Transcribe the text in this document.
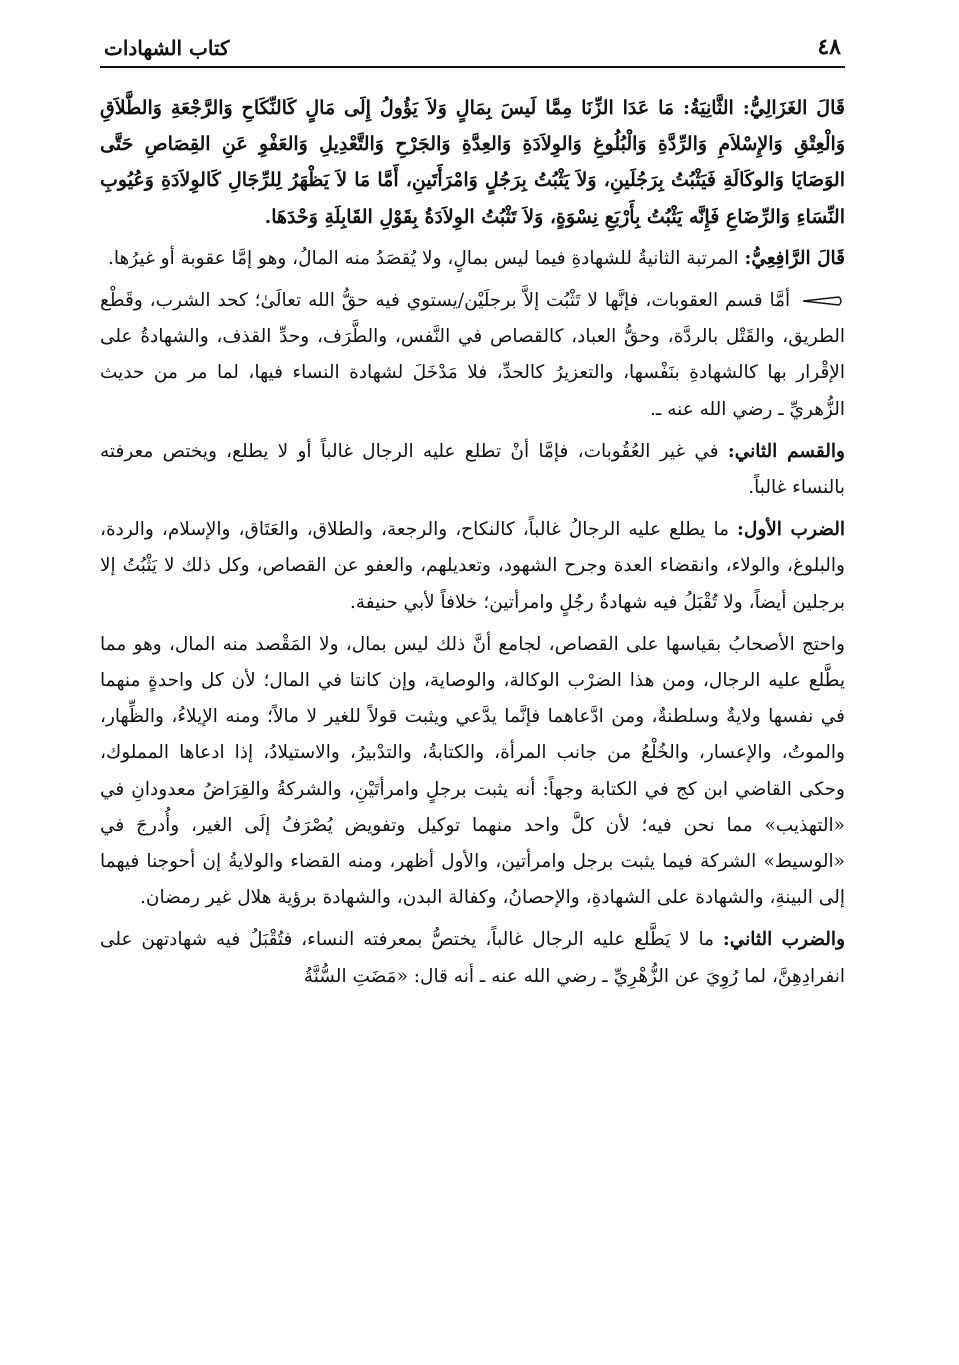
٤٨
كتاب الشهادات

قَالَ الغَزَالِيُّ: الثَّانِيَةُ: مَا عَدَا الزِّنَا مِمَّا لَيسَ بِمَالٍ وَلاَ يَؤُولُ إِلَى مَالٍ كَالنِّكَاحِ وَالرَّجْعَةِ وَالطَّلاَقِ وَالْعِتْقِ وَالإِسْلاَمِ وَالرِّدَّةِ وَالْبُلُوغِ وَالوِلاَدَةِ وَالعِدَّةِ وَالجَرْحِ وَالتَّعْدِيلِ وَالعَفْوِ عَنِ القِصَاصِ حَتَّى الوَصَايَا وَالوكَالَةِ فَيَثْبُتُ بِرَجُلَينِ، وَلاَ يَثْبُتُ بِرَجُلٍ وَامْرَأَتَينِ، أَمَّا مَا لاَ يَظْهَرُ لِلرِّجَالِ كَالوِلاَدَةِ وَعُيُوبِ النِّسَاءِ وَالرِّضَاعِ فَإِنَّه يَثْبُتُ بِأَرْبَعِ نِسْوَةٍ، وَلاَ تَثْبُتُ الوِلاَدَةُ بِقَوْلِ القَابِلَةِ وَحْدَهَا.

قَالَ الرَّافِعِيُّ: المرتبة الثانيةُ للشهادةِ فيما ليس بمالٍ، ولا يُقصَدُ منه المالُ، وهو إمَّا عقوبة أو غيرُها.

أمَّا قسم العقوبات، فإنَّها لا تَثْبُت إلاَّ برجلَيْن/يستوي فيه حقُّ الله تعالَىٰ؛ كحد الشرب، وقَطْع الطريق، والقَتْل بالردَّة، وحقُّ العباد، كالقصاص في النَّفس، والطَّرَف، وحدِّ القذف، والشهادةُ على الإقْرار بها كالشهادةِ بنَفْسها، والتعزيرُ كالحدِّ، فلا مَدْخَلَ لشهادة النساء فيها، لما مر من حديث الزُّهريِّ ـ رضي الله عنه ـ.

والقسم الثاني: في غير العُقُوبات، فإمَّا أنْ تطلع عليه الرجال غالباً أو لا يطلع، ويختص معرفته بالنساء غالباً.

الضرب الأول: ما يطلع عليه الرجالُ غالباً، كالنكاح، والرجعة، والطلاق، والعَتَاق، والإسلام، والردة، والبلوغ، والولاء، وانقضاء العدة وجرح الشهود، وتعديلهم، والعفو عن القصاص، وكل ذلك لا يَثْبُتُ إلا برجلين أيضاً، ولا تُقْبَلُ فيه شهادةُ رجُلٍ وامرأتين؛ خلافاً لأبي حنيفة.

واحتج الأصحابُ بقياسها على القصاص، لجامع أنَّ ذلك ليس بمال، ولا المَقْصد منه المال، وهو مما يطَّلع عليه الرجال، ومن هذا الضرْب الوكالة، والوصاية، وإن كانتا في المال؛ لأن كل واحدةٍ منهما في نفسها ولايةٌ وسلطنةٌ، ومن ادَّعاهما فإنَّما يدَّعي ويثبت قولاً للغير لا مالاً؛ ومنه الإيلاءُ، والظِّهار، والموتُ، والإعسار، والخُلْعُ من جانب المرأة، والكتابةُ، والتدْبيرُ، والاستيلادُ، إذا ادعاها المملوك، وحكى القاضي ابن كج في الكتابة وجهاً: أنه يثبت برجلٍ وامرأتَيْنِ، والشركةُ والقِرَاضُ معدودانِ في «التهذيب» مما نحن فيه؛ لأن كلَّ واحد منهما توكيل وتفويض يُصْرَفُ إلَى الغير، وأُدرجَ في «الوسيط» الشركة فيما يثبت برجل وامرأتين، والأول أظهر، ومنه القضاء والولايةُ إن أحوجنا فيهما إلى البينةِ، والشهادة على الشهادةِ، والإحصانُ، وكفالة البدن، والشهادة برؤية هلال غير رمضان.

والضرب الثاني: ما لا يَطَّلع عليه الرجال غالباً، يختصُّ بمعرفته النساء، فتُقْبَلُ فيه شهادتهن على انفرادِهِنَّ، لما رُوِيَ عن الزُّهْرِيِّ ـ رضي الله عنه ـ أنه قال: «مَضَتِ السُّنَّةُ
